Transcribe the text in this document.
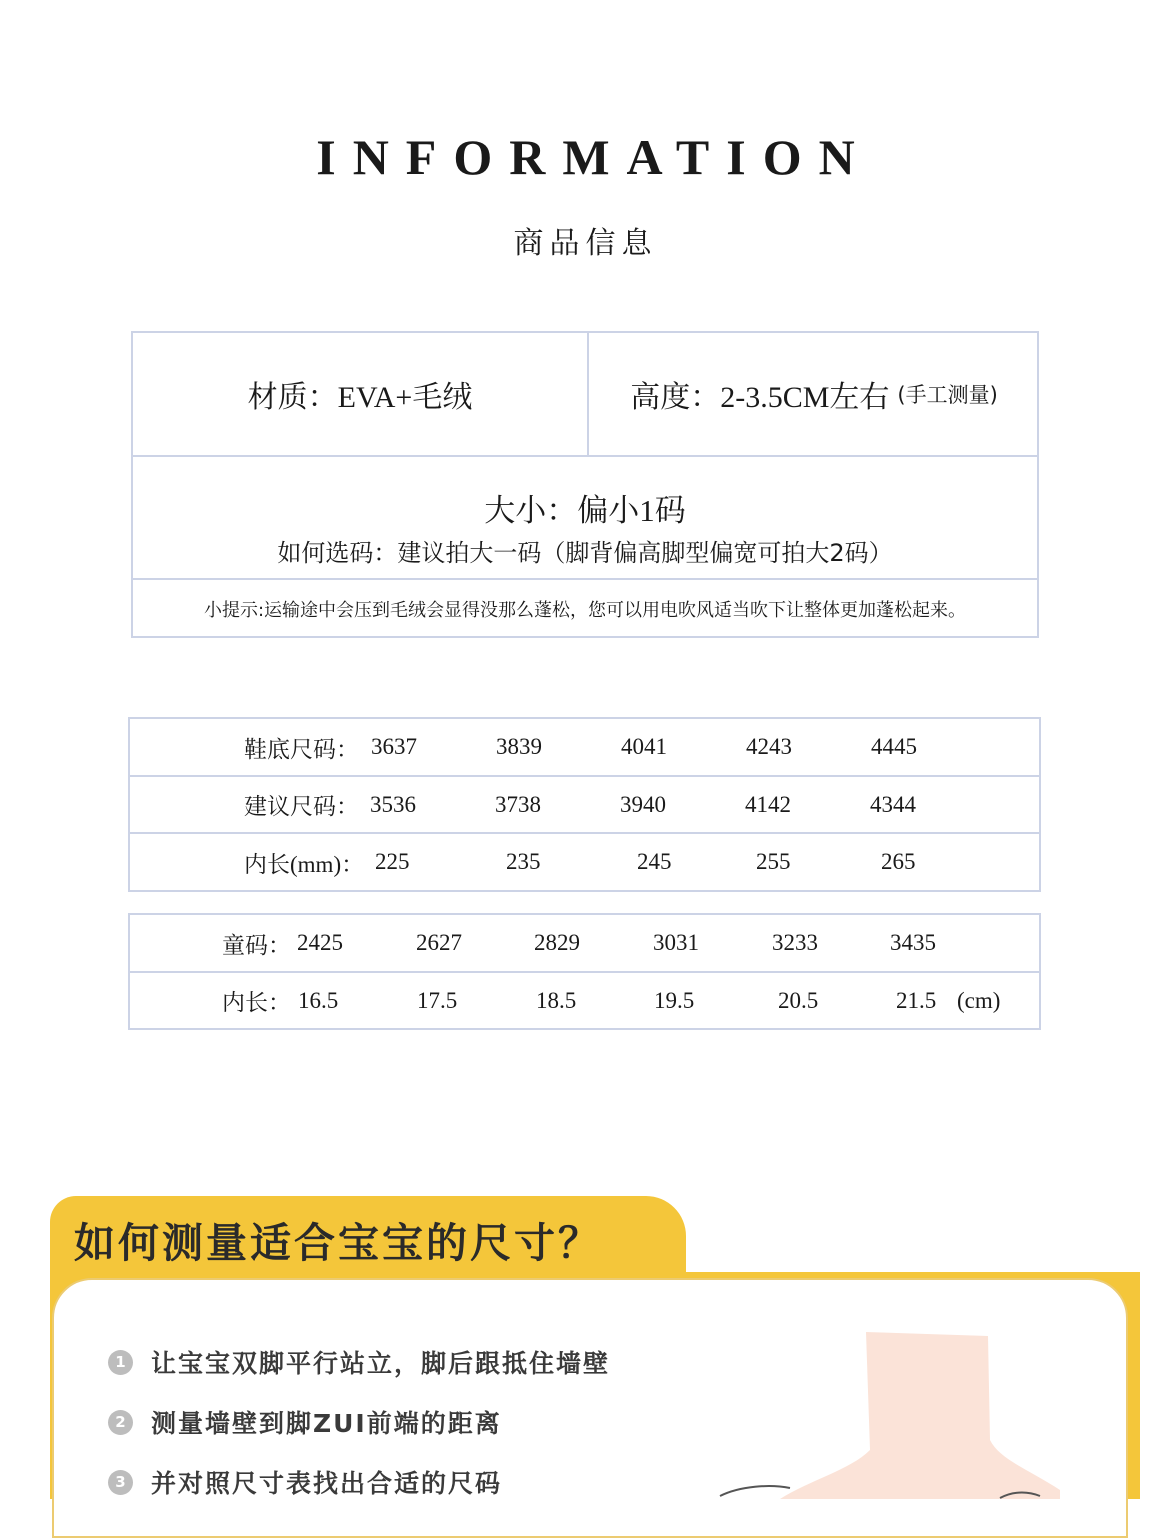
INFORMATION
商品信息
材质：EVA+毛绒	高度：2-3.5CM左右 (手工测量)
大小：偏小1码
如何选码：建议拍大一码（脚背偏高脚型偏宽可拍大2码）
小提示:运输途中会压到毛绒会显得没那么蓬松，您可以用电吹风适当吹下让整体更加蓬松起来。
鞋底尺码： 3637	3839	4041	4243	4445
建议尺码： 3536	3738	3940	4142	4344
内长(mm)： 225	235	245	255	265
童码： 2425	2627	2829	3031	3233	3435
内长： 16.5	17.5	18.5	19.5	20.5	21.5 (cm)
如何测量适合宝宝的尺寸？
1 让宝宝双脚平行站立，脚后跟抵住墙壁
2 测量墙壁到脚ZUI前端的距离
3 并对照尺寸表找出合适的尺码
